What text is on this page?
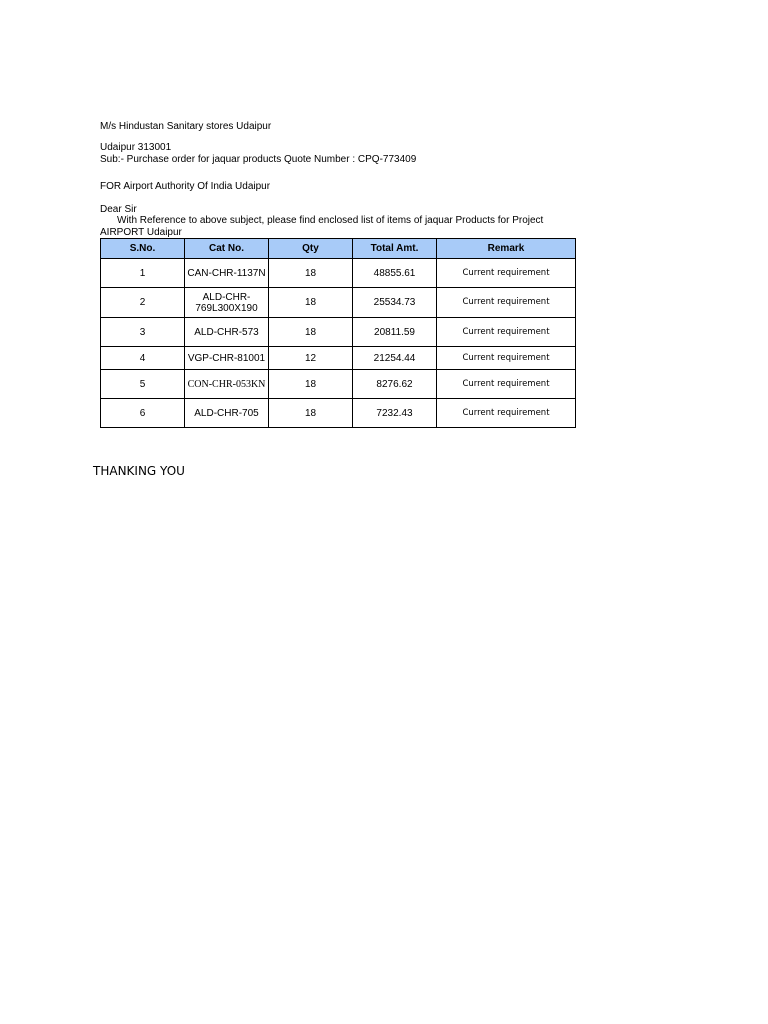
M/s Hindustan Sanitary stores Udaipur
Udaipur 313001
Sub:- Purchase order for jaquar products Quote Number : CPQ-773409
FOR Airport Authority Of India Udaipur
Dear Sir
With Reference to above subject, please find enclosed list of items of jaquar Products for Project
AIRPORT Udaipur
S.No.	Cat No.	Qty	Total Amt.	Remark
1	CAN-CHR-1137N	18	48855.61	Current requirement
2	ALD-CHR-769L300X190	18	25534.73	Current requirement
3	ALD-CHR-573	18	20811.59	Current requirement
4	VGP-CHR-81001	12	21254.44	Current requirement
5	CON-CHR-053KN	18	8276.62	Current requirement
6	ALD-CHR-705	18	7232.43	Current requirement
THANKING YOU
